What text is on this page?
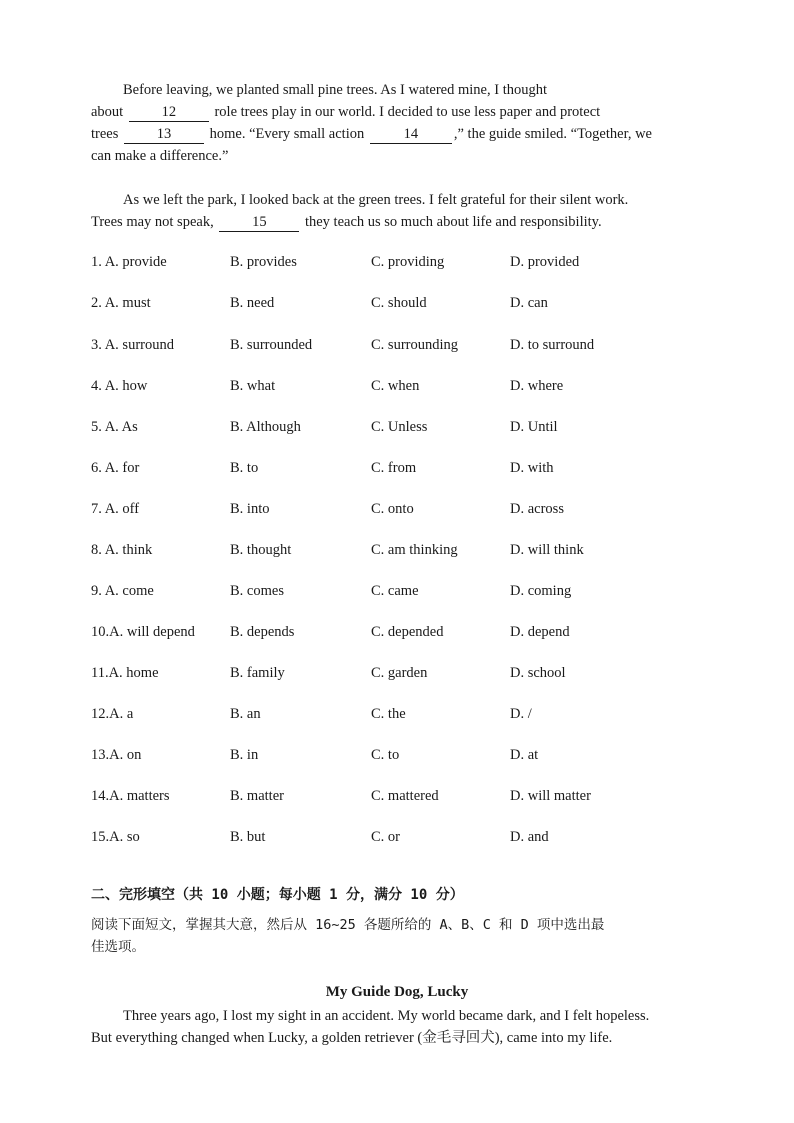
Before leaving, we planted small pine trees. As I watered mine, I thought
about	12	role trees play in our world. I decided to use less paper and protect
trees	13	home. “Every small action	14 ,” the guide smiled. “Together, we
can make a difference.”
As we left the park, I looked back at the green trees. I felt grateful for their silent work.
Trees may not speak,	15	they teach us so much about life and responsibility.
1. A. provide	B. provides	C. providing	D. provided
2. A. must	B. need	C. should	D. can
3. A. surround	B. surrounded	C. surrounding	D. to surround
4. A. how	B. what	C. when	D. where
5. A. As	B. Although	C. Unless	D. Until
6. A. for	B. to	C. from	D. with
7. A. off	B. into	C. onto	D. across
8. A. think	B. thought	C. am thinking	D. will think
9. A. come	B. comes	C. came	D. coming
10.A. will depend B. depends	C. depended	D. depend
11.A. home	B. family	C. garden	D. school
12.A. a	B. an	C. the	D. /
13.A. on	B. in	C. to	D. at
14.A. matters	B. matter	C. mattered	D. will matter
15.A. so	B. but	C. or	D. and
二、完形填空（共 10 小题；每小题 1 分，满分 10 分）
阅读下面短文，掌握其大意，然后从 16~25 各题所给的 A、B、C 和 D 项中选出最
佳选项。
My Guide Dog, Lucky
Three years ago, I lost my sight in an accident. My world became dark, and I felt hopeless.
But everything changed when Lucky, a golden retriever (金毛寻回犬), came into my life.
